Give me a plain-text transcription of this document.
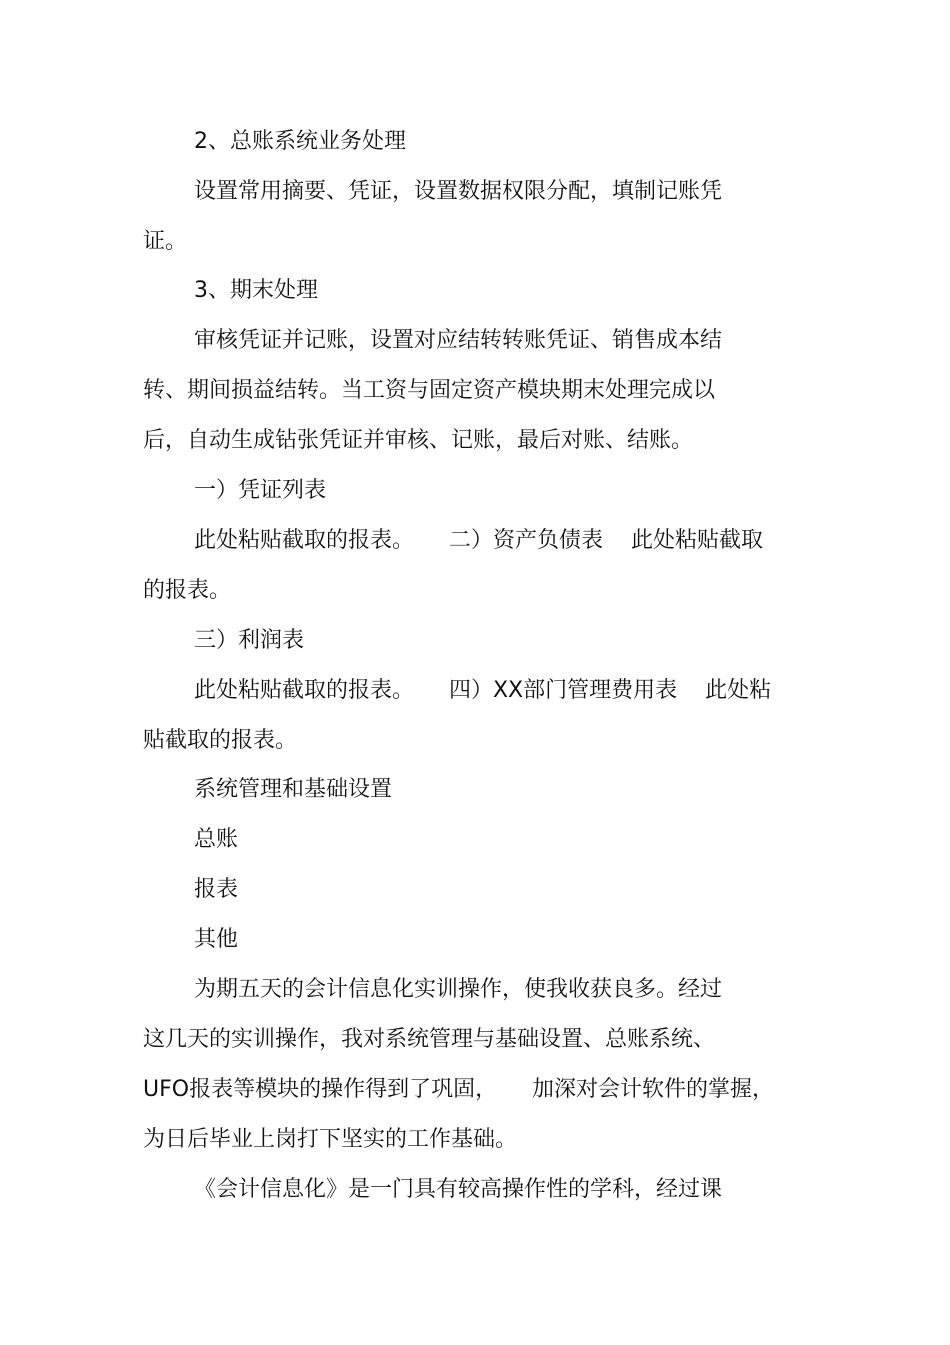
2、总账系统业务处理

设置常用摘要、凭证，设置数据权限分配，填制记账凭

证。

3、期末处理

审核凭证并记账，设置对应结转转账凭证、销售成本结

转、期间损益结转。当工资与固定资产模块期末处理完成以

后，自动生成钻张凭证并审核、记账，最后对账、结账。

一）凭证列表

此处粘贴截取的报表。     二）资产负债表    此处粘贴截取

的报表。

三）利润表

此处粘贴截取的报表。     四）XX部门管理费用表    此处粘

贴截取的报表。

系统管理和基础设置

总账

报表

其他

为期五天的会计信息化实训操作，使我收获良多。经过

这几天的实训操作，我对系统管理与基础设置、总账系统、

UFO报表等模块的操作得到了巩固，     加深对会计软件的掌握，

为日后毕业上岗打下坚实的工作基础。

《会计信息化》是一门具有较高操作性的学科，经过课
